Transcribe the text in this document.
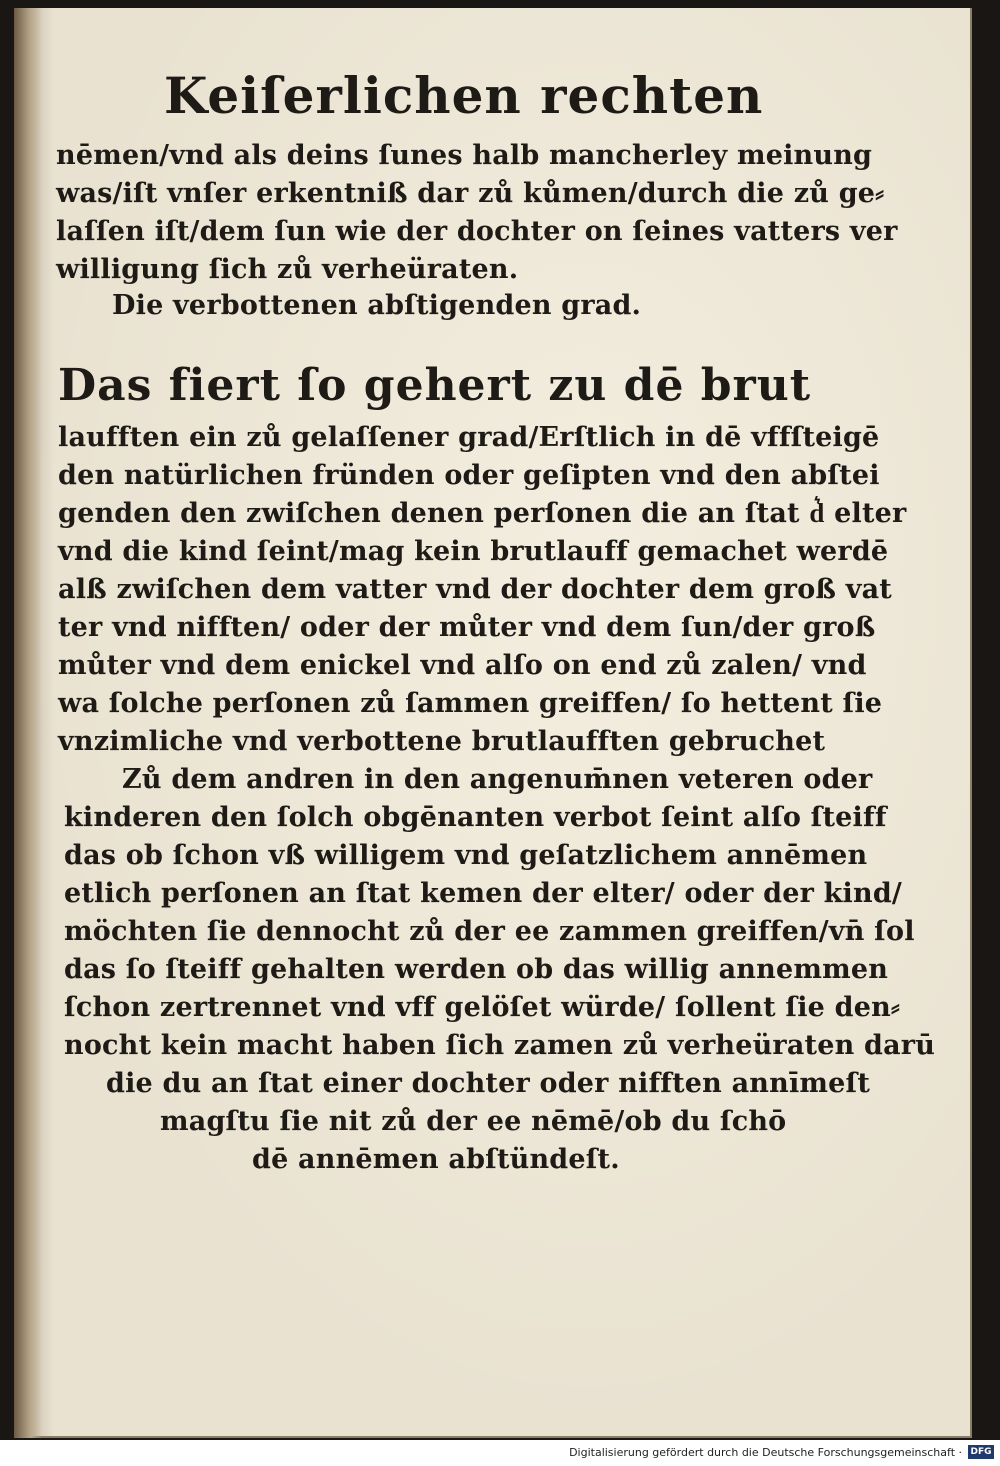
Keiſerlichen rechten
nēmen/vnd als deins ſunes halb mancherley meinung
was/iſt vnſer erkentniß dar zů kůmen/durch die zů ge⸗
laſſen iſt/dem ſun wie der dochter on ſeines vatters ver
willigung ſich zů verheüraten.
Die verbottenen abſtigenden grad.
Das fiert ſo gehert zu dē brut
laufften ein zů gelaſſener grad/Erſtlich in dē vffſteigē
den natürlichen fründen oder geſipten vnd den abſtei
genden den zwiſchen denen perſonen die an ſtat d͛ elter
vnd die kind ſeint/mag kein brutlauff gemachet werdē
alß zwiſchen dem vatter vnd der dochter dem groß vat
ter vnd nifften/ oder der můter vnd dem ſun/der groß
můter vnd dem enickel vnd alſo on end zů zalen/ vnd
wa ſolche perſonen zů ſammen greiffen/ ſo hettent ſie
vnzimliche vnd verbottene brutlaufften gebruchet
Zů dem andren in den angenum̄nen veteren oder
kinderen den ſolch obgēnanten verbot ſeint alſo ſteiff
das ob ſchon vß willigem vnd geſatzlichem annēmen
etlich perſonen an ſtat kemen der elter/ oder der kind/
möchten ſie dennocht zů der ee zammen greiffen/vn̄ ſol
das ſo ſteiff gehalten werden ob das willig annemmen
ſchon zertrennet vnd vff gelöſet würde/ ſollent ſie den⸗
nocht kein macht haben ſich zamen zů verheüraten darū
die du an ſtat einer dochter oder nifften annīmeſt
magſtu ſie nit zů der ee nēmē/ob du ſchō
dē annēmen abſtündeſt.
Digitalisierung gefördert durch die Deutsche Forschungsgemeinschaft · DFG
